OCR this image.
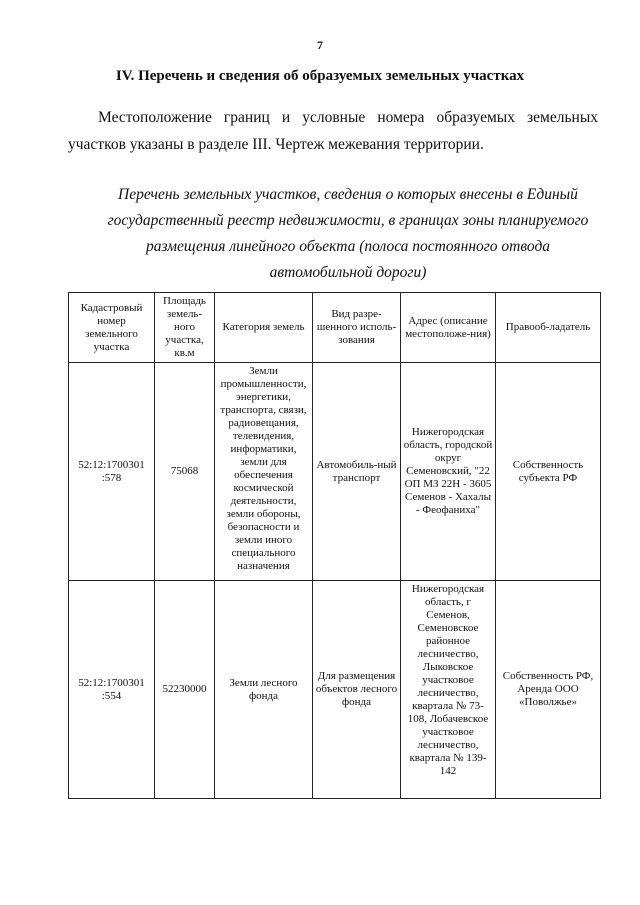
7
IV. Перечень и сведения об образуемых земельных участках
Местоположение границ и условные номера образуемых земельных участков указаны в разделе III. Чертеж межевания территории.
Перечень земельных участков, сведения о которых внесены в Единый государственный реестр недвижимости, в границах зоны планируемого размещения линейного объекта (полоса постоянного отвода автомобильной дороги)
Кадастровый номер земельного участка	Площадь земель-ного участка, кв.м	Категория земель	Вид разре-шенного исполь-зования	Адрес (описание местоположе-ния)	Правооб-ладатель
52:12:1700301 :578	75068	Земли промышленности, энергетики, транспорта, связи, радиовещания, телевидения, информатики, земли для обеспечения космической деятельности, земли обороны, безопасности и земли иного специального назначения	Автомобиль-ный транспорт	Нижегородская область, городской округ Семеновский, "22 ОП МЗ 22Н - 3605 Семенов - Хахалы - Феофаниха"	Собственность субъекта РФ
52:12:1700301 :554	52230000	Земли лесного фонда	Для размещения объектов лесного фонда	Нижегородская область, г Семенов, Семеновское районное лесничество, Лыковское участковое лесничество, квартала № 73-108, Лобачевское участковое лесничество, квартала № 139-142	Собственность РФ, Аренда ООО «Поволжье»
